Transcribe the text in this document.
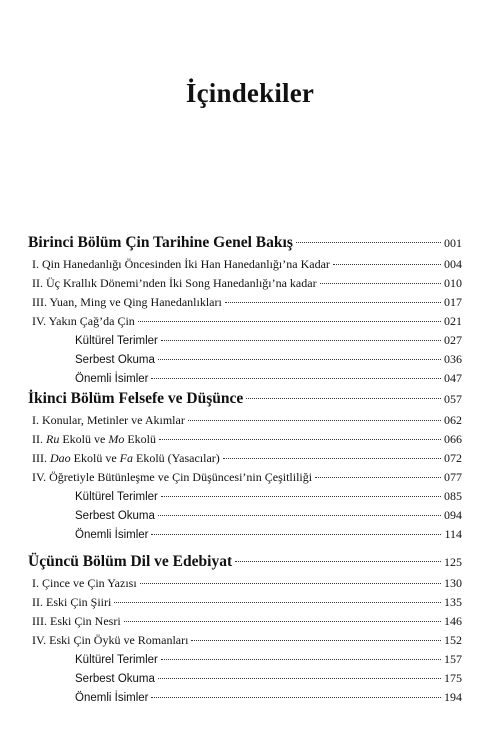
İçindekiler
Birinci Bölüm Çin Tarihine Genel Bakış	001
I. Qin Hanedanlığı Öncesinden İki Han Hanedanlığı’na Kadar	004
II. Üç Krallık Dönemi’nden İki Song Hanedanlığı’na kadar	010
III. Yuan, Ming ve Qing Hanedanlıkları	017
IV. Yakın Çağ’da Çin	021
Kültürel Terimler	027
Serbest Okuma	036
Önemli İsimler	047
İkinci Bölüm Felsefe ve Düşünce	057
I. Konular, Metinler ve Akımlar	062
II. Ru Ekolü ve Mo Ekolü	066
III. Dao Ekolü ve Fa Ekolü (Yasacılar)	072
IV. Öğretiyle Bütünleşme ve Çin Düşüncesi’nin Çeşitliliği	077
Kültürel Terimler	085
Serbest Okuma	094
Önemli İsimler	114
Üçüncü Bölüm Dil ve Edebiyat	125
I. Çince ve Çin Yazısı	130
II. Eski Çin Şiiri	135
III. Eski Çin Nesri	146
IV. Eski Çin Öykü ve Romanları	152
Kültürel Terimler	157
Serbest Okuma	175
Önemli İsimler	194
